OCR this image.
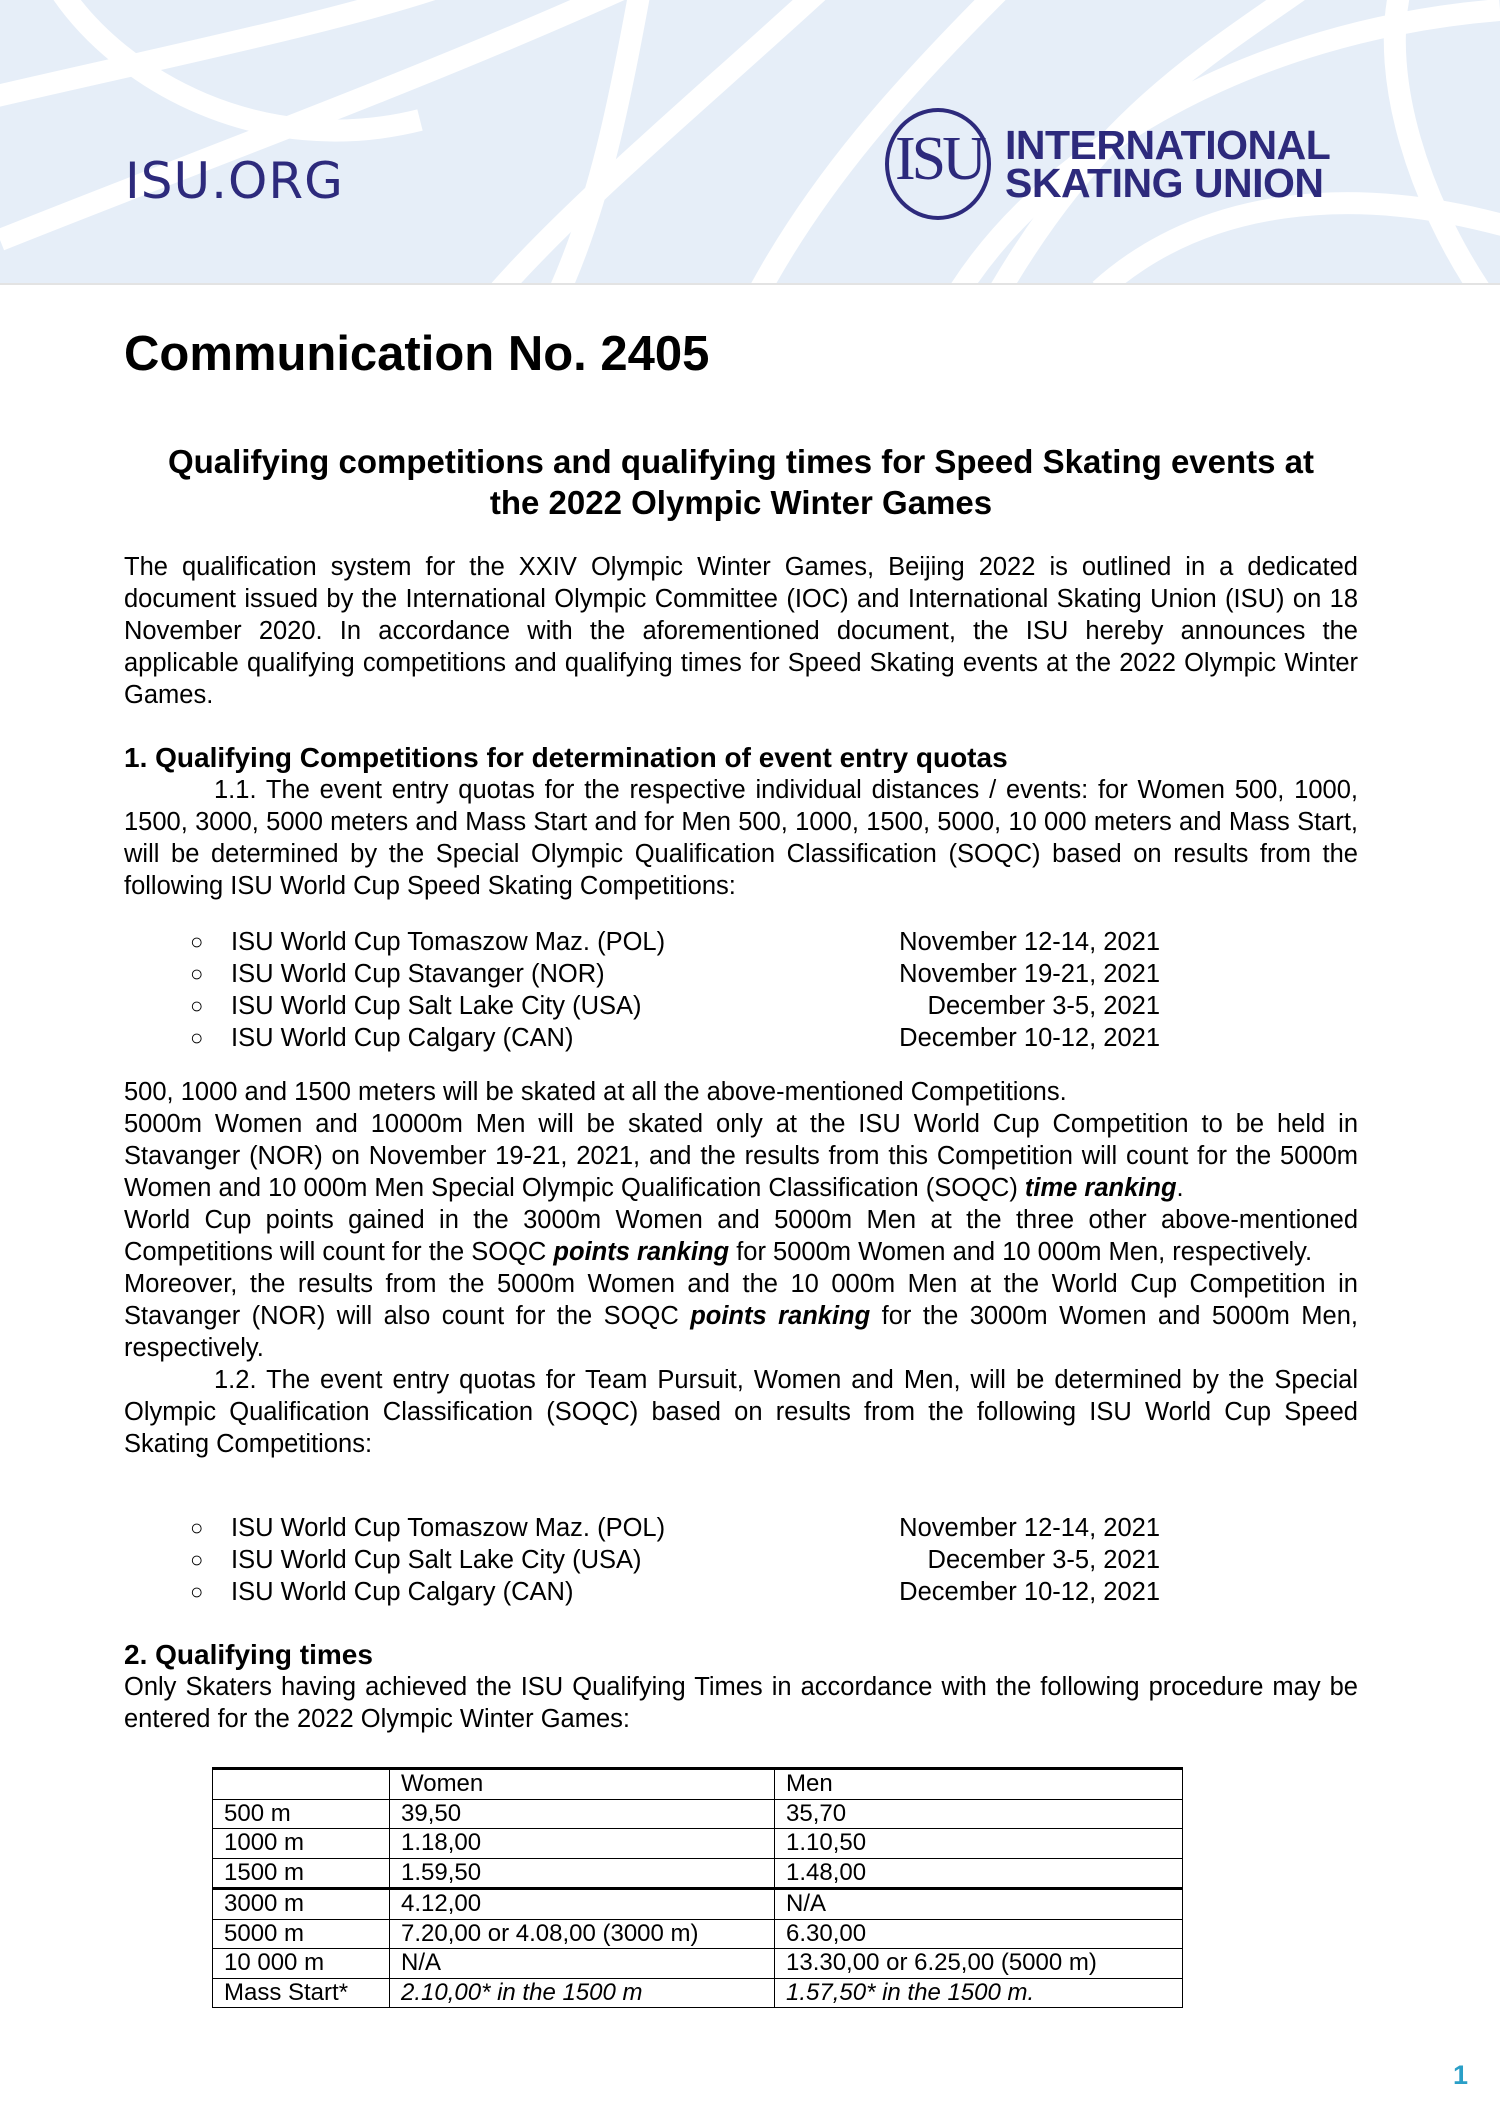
ISU.ORG	ISU INTERNATIONAL
SKATING UNION
Communication No. 2405
Qualifying competitions and qualifying times for Speed Skating events at
the 2022 Olympic Winter Games

The qualification system for the XXIV Olympic Winter Games, Beijing 2022 is outlined in a dedicated document issued by the International Olympic Committee (IOC) and International Skating Union (ISU) on 18 November 2020. In accordance with the aforementioned document, the ISU hereby announces the applicable qualifying competitions and qualifying times for Speed Skating events at the 2022 Olympic Winter Games.

1. Qualifying Competitions for determination of event entry quotas

1.1. The event entry quotas for the respective individual distances / events: for Women 500, 1000, 1500, 3000, 5000 meters and Mass Start and for Men 500, 1000, 1500, 5000, 10 000 meters and Mass Start, will be determined by the Special Olympic Qualification Classification (SOQC) based on results from the following ISU World Cup Speed Skating Competitions:

○ ISU World Cup Tomaszow Maz. (POL)	November 12-14, 2021
○ ISU World Cup Stavanger (NOR)	November 19-21, 2021
○ ISU World Cup Salt Lake City (USA)	December 3-5, 2021
○ ISU World Cup Calgary (CAN)	December 10-12, 2021

500, 1000 and 1500 meters will be skated at all the above-mentioned Competitions.

5000m Women and 10000m Men will be skated only at the ISU World Cup Competition to be held in Stavanger (NOR) on November 19-21, 2021, and the results from this Competition will count for the 5000m Women and 10 000m Men Special Olympic Qualification Classification (SOQC) time ranking.

World Cup points gained in the 3000m Women and 5000m Men at the three other above-mentioned Competitions will count for the SOQC points ranking for 5000m Women and 10 000m Men, respectively.

Moreover, the results from the 5000m Women and the 10 000m Men at the World Cup Competition in Stavanger (NOR) will also count for the SOQC points ranking for the 3000m Women and 5000m Men, respectively.

1.2. The event entry quotas for Team Pursuit, Women and Men, will be determined by the Special Olympic Qualification Classification (SOQC) based on results from the following ISU World Cup Speed Skating Competitions:

○ ISU World Cup Tomaszow Maz. (POL)	November 12-14, 2021
○ ISU World Cup Salt Lake City (USA)	December 3-5, 2021
○ ISU World Cup Calgary (CAN)	December 10-12, 2021
2. Qualifying times

Only Skaters having achieved the ISU Qualifying Times in accordance with the following procedure may be entered for the 2022 Olympic Winter Games:

	Women	Men
500 m	39,50	35,70
1000 m	1.18,00	1.10,50
1500 m	1.59,50	1.48,00
3000 m	4.12,00	N/A
5000 m	7.20,00 or 4.08,00 (3000 m)	6.30,00
10 000 m	N/A	13.30,00 or 6.25,00 (5000 m)
Mass Start*	2.10,00* in the 1500 m	1.57,50* in the 1500 m.
1
